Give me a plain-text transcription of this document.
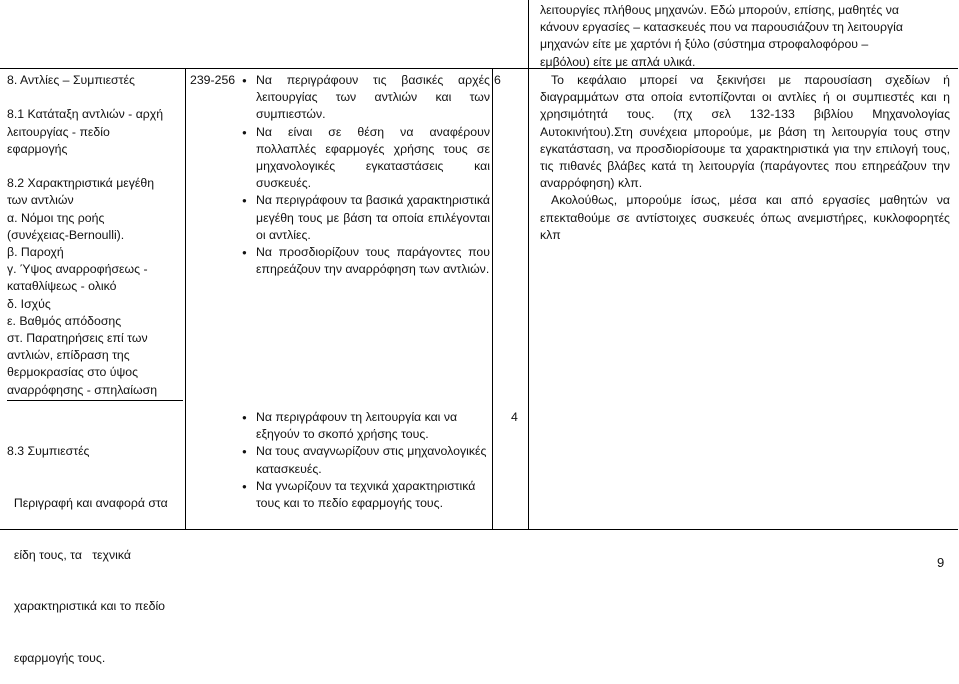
λειτουργίες πλήθους μηχανών. Εδώ μπορούν, επίσης, μαθητές να
κάνουν εργασίες – κατασκευές που να παρουσιάζουν τη λειτουργία
μηχανών είτε με χαρτόνι ή ξύλο (σύστημα στροφαλοφόρου –
εμβόλου) είτε με απλά υλικά.
8. Αντλίες – Συμπιεστές
8.1 Κατάταξη αντλιών - αρχή
λειτουργίας - πεδίο
εφαρμογής
8.2 Χαρακτηριστικά μεγέθη
των αντλιών
α. Νόμοι της ροής
(συνέχειας-Bernoulli).
β. Παροχή
γ. Ύψος αναρροφήσεως -
καταθλίψεως - ολικό
δ. Ισχύς
ε. Βαθμός απόδοσης
στ. Παρατηρήσεις επί των
αντλιών, επίδραση της
θερμοκρασίας στο ύψος
αναρρόφησης - σπηλαίωση

8.3 Συμπιεστές

Περιγραφή και αναφορά στα

είδη τους, τα   τεχνικά

χαρακτηριστικά και το πεδίο

εφαρμογής τους.

239-256
●	Να περιγράφουν τις βασικές αρχές λειτουργίας των αντλιών και των συμπιεστών.
● Να είναι σε θέση να αναφέρουν πολλαπλές εφαρμογές χρήσης τους σε μηχανολογικές εγκαταστάσεις και συσκευές.
● Να περιγράφουν τα βασικά χαρακτηριστικά μεγέθη τους με βάση τα οποία επιλέγονται οι αντλίες.
● Να προσδιορίζουν τους παράγοντες που επηρεάζουν την αναρρόφηση των αντλιών.
6
● Να περιγράφουν τη λειτουργία και να εξηγούν το σκοπό χρήσης τους.
● Να τους αναγνωρίζουν στις μηχανολογικές κατασκευές.
● Να γνωρίζουν τα τεχνικά χαρακτηριστικά τους και το πεδίο εφαρμογής τους.
4
Το κεφάλαιο μπορεί να ξεκινήσει με παρουσίαση σχεδίων ή διαγραμμάτων στα οποία εντοπίζονται οι αντλίες ή οι συμπιεστές και η χρησιμότητά τους. (πχ σελ 132-133 βιβλίου Μηχανολογίας Αυτοκινήτου).Στη συνέχεια μπορούμε, με βάση τη λειτουργία τους στην εγκατάσταση, να προσδιορίσουμε τα χαρακτηριστικά για την επιλογή τους, τις πιθανές βλάβες κατά τη λειτουργία (παράγοντες που επηρεάζουν την αναρρόφηση) κλπ.
Ακολούθως, μπορούμε ίσως, μέσα και από εργασίες μαθητών να επεκταθούμε σε αντίστοιχες συσκευές όπως ανεμιστήρες, κυκλοφορητές κλπ
9
